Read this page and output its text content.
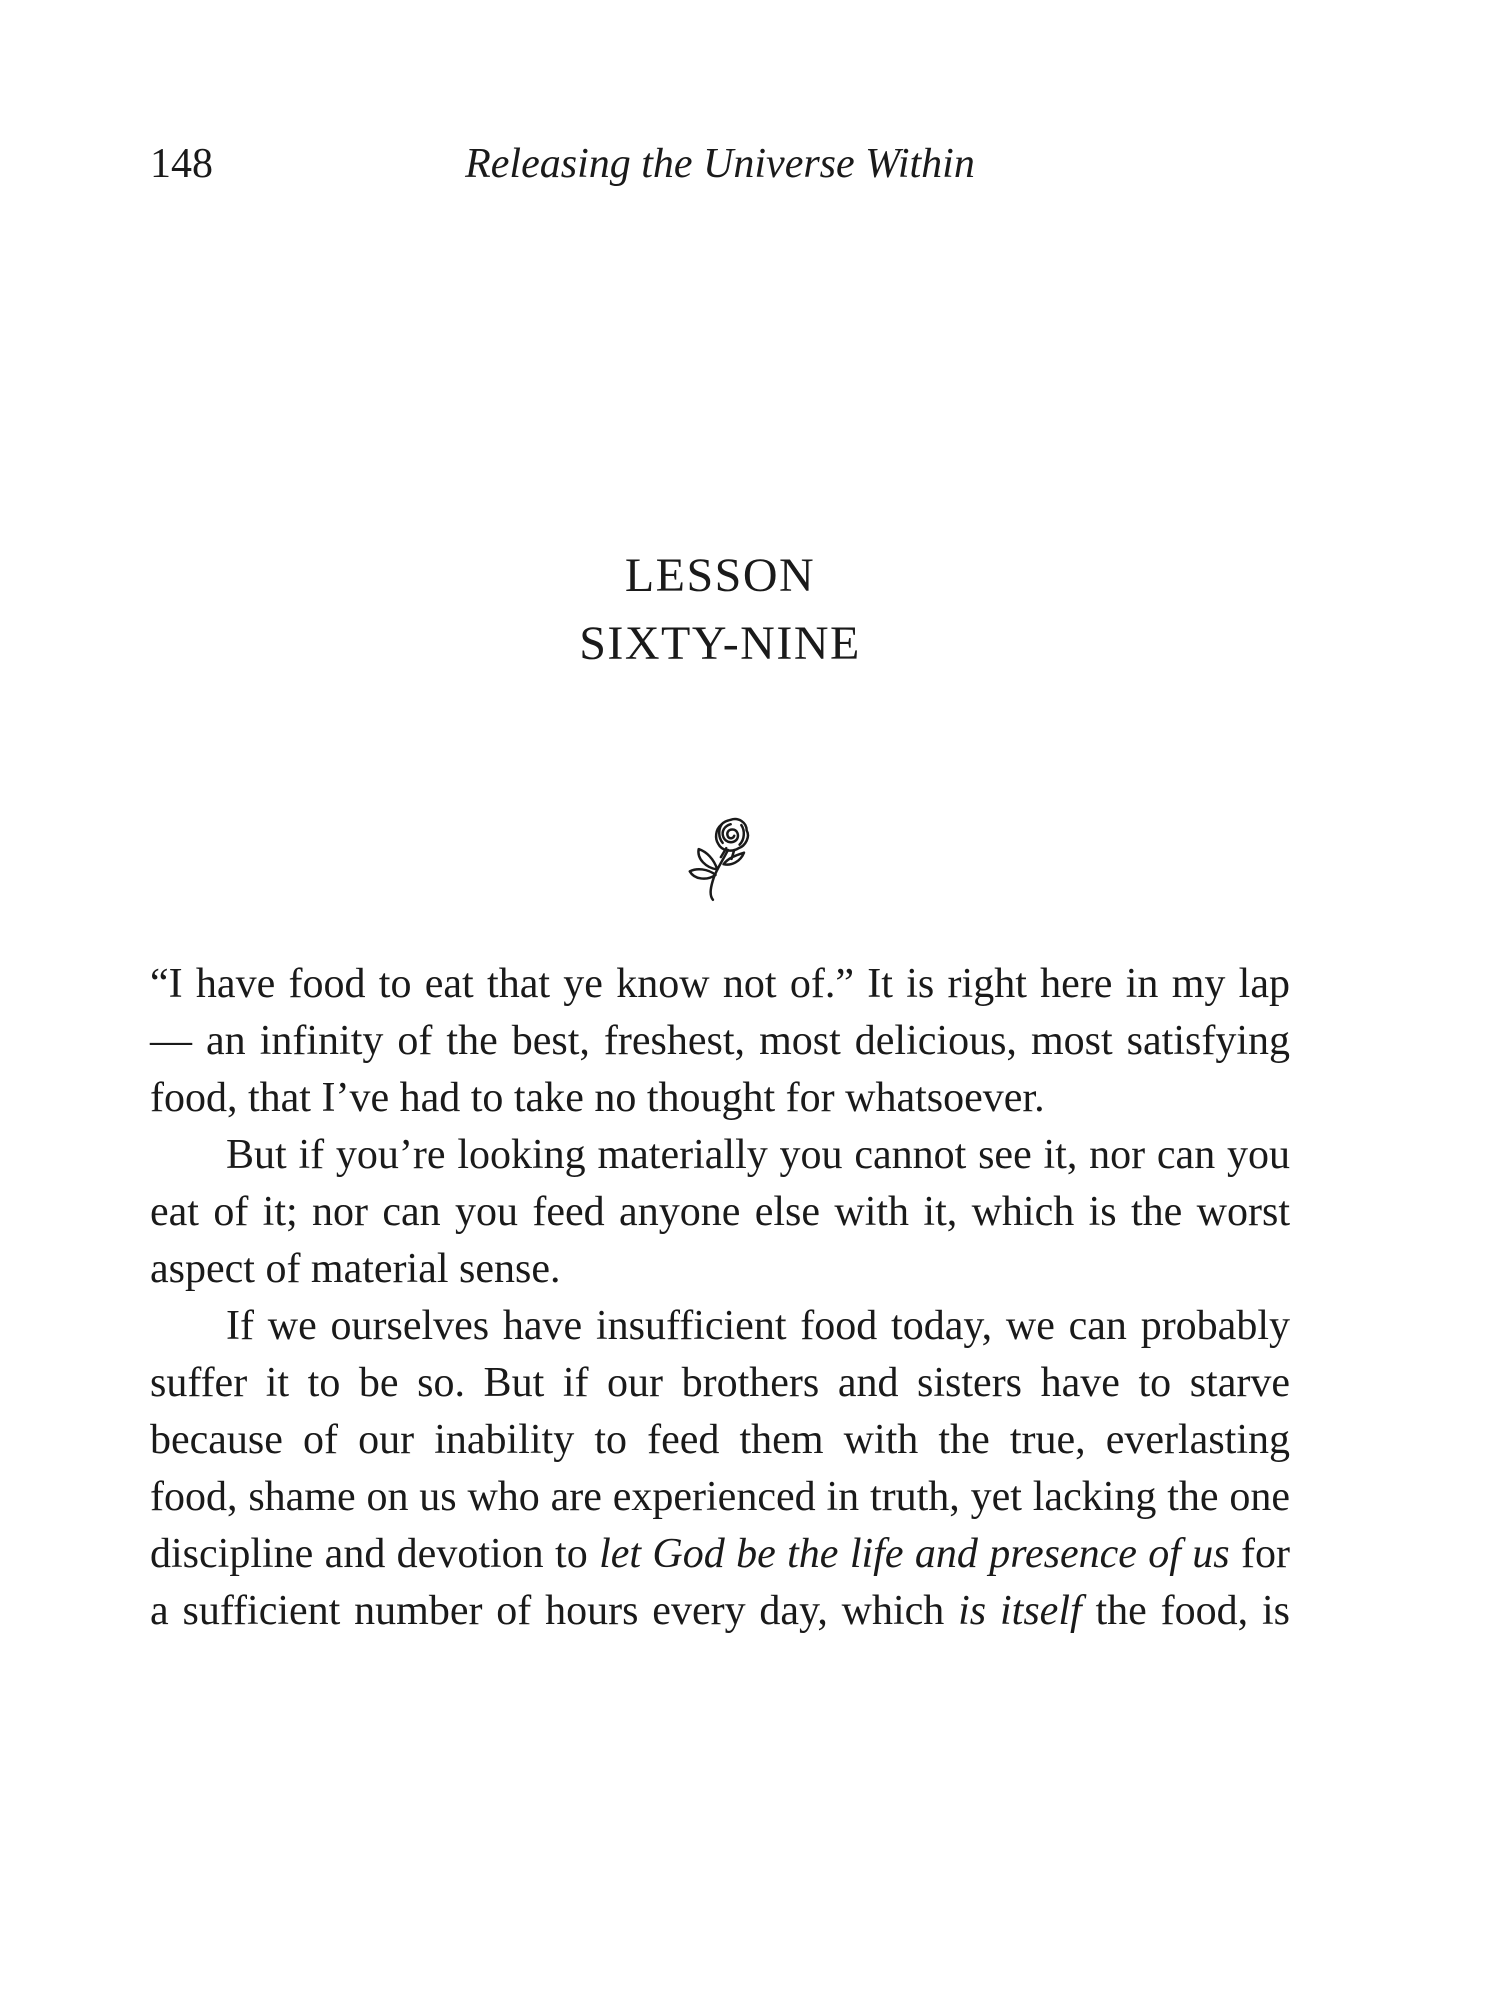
148	Releasing the Universe Within
LESSON
SIXTY-NINE

“I have food to eat that ye know not of.” It is right here in my lap — an infinity of the best, freshest, most delicious, most satisfying food, that I’ve had to take no thought for whatsoever.

But if you’re looking materially you cannot see it, nor can you eat of it; nor can you feed anyone else with it, which is the worst aspect of material sense.

If we ourselves have insufficient food today, we can probably suffer it to be so. But if our brothers and sisters have to starve because of our inability to feed them with the true, everlasting food, shame on us who are experienced in truth, yet lacking the one discipline and devotion to let God be the life and presence of us for a sufficient number of hours every day, which is itself the food, is
